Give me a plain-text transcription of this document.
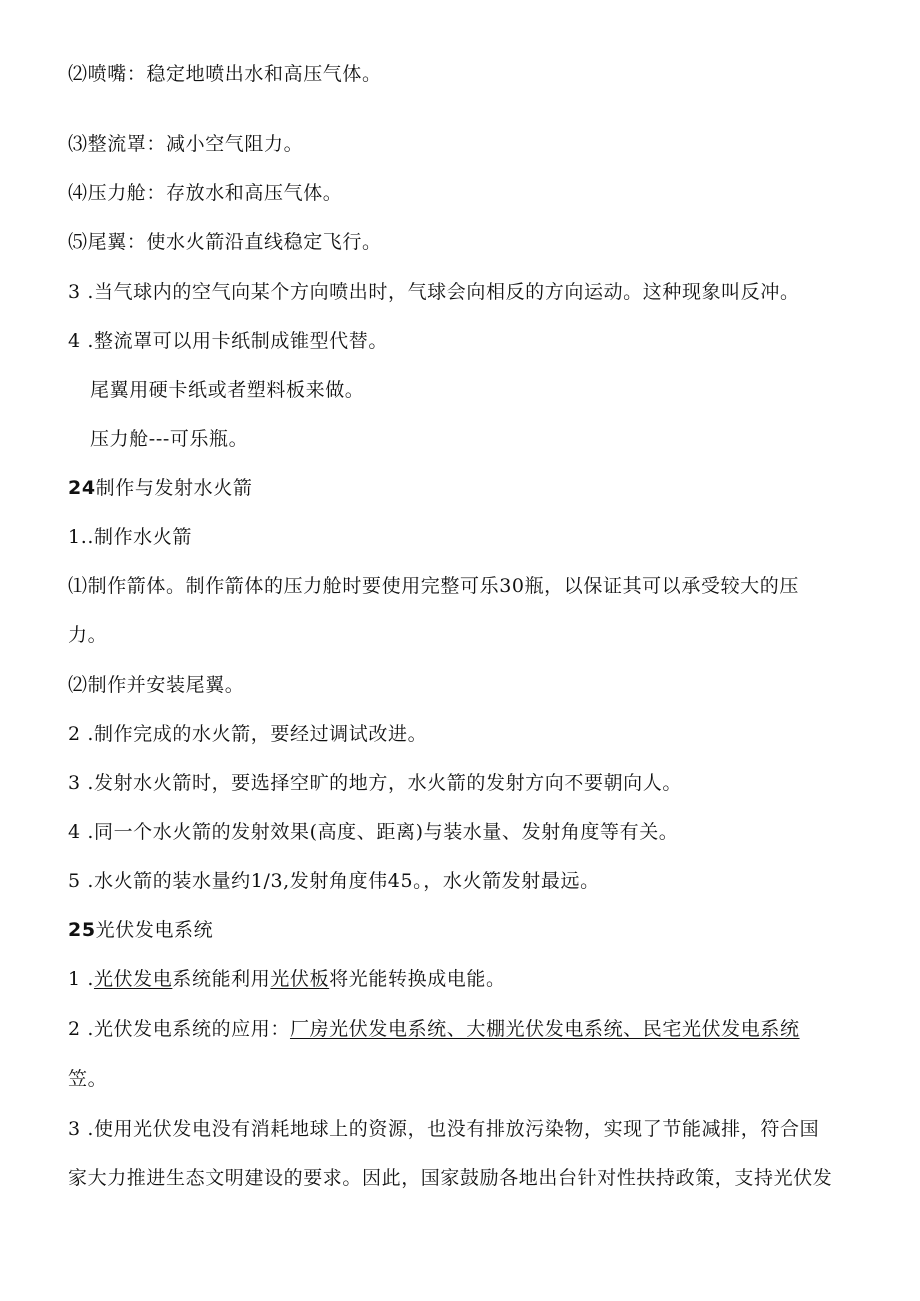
⑵喷嘴：稳定地喷出水和高压气体。
⑶整流罩：减小空气阻力。
⑷压力舱：存放水和高压气体。
⑸尾翼：使水火箭沿直线稳定飞行。
3 .当气球内的空气向某个方向喷出时，气球会向相反的方向运动。这种现象叫反冲。
4 .整流罩可以用卡纸制成锥型代替。
尾翼用硬卡纸或者塑料板来做。
压力舱---可乐瓶。
24制作与发射水火箭
1..制作水火箭
⑴制作箭体。制作箭体的压力舱时要使用完整可乐30瓶，以保证其可以承受较大的压
力。
⑵制作并安装尾翼。
2 .制作完成的水火箭，要经过调试改进。
3 .发射水火箭时，要选择空旷的地方，水火箭的发射方向不要朝向人。
4 .同一个水火箭的发射效果(高度、距离)与装水量、发射角度等有关。
5 .水火箭的装水量约1/3,发射角度伟45。，水火箭发射最远。
25光伏发电系统
1 .光伏发电系统能利用光伏板将光能转换成电能。
2 .光伏发电系统的应用：厂房光伏发电系统、大棚光伏发电系统、民宅光伏发电系统
笠。
3 .使用光伏发电没有消耗地球上的资源，也没有排放污染物，实现了节能减排，符合国
家大力推进生态文明建设的要求。因此，国家鼓励各地出台针对性扶持政策，支持光伏发
